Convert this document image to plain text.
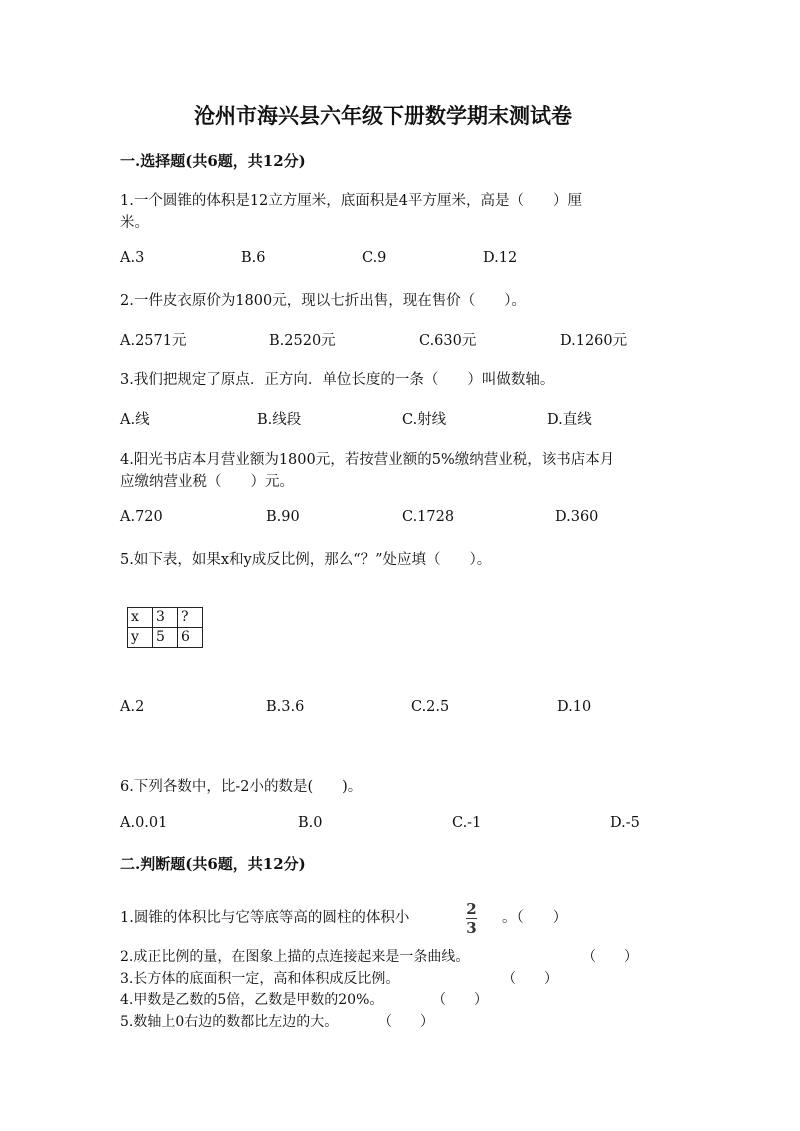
沧州市海兴县六年级下册数学期末测试卷
一.选择题(共6题，共12分)
1.一个圆锥的体积是12立方厘米，底面积是4平方厘米，高是（　　）厘
米。
A.3	B.6	C.9	D.12
2.一件皮衣原价为1800元，现以七折出售，现在售价（　　）。
A.2571元	B.2520元	C.630元	D.1260元
3.我们把规定了原点．正方向．单位长度的一条（　　）叫做数轴。
A.线	B.线段	C.射线	D.直线
4.阳光书店本月营业额为1800元，若按营业额的5%缴纳营业税，该书店本月
应缴纳营业税（　　）元。
A.720	B.90	C.1728	D.360
5.如下表，如果x和y成反比例，那么“？”处应填（　　）。
x	3	?
y	5	6
A.2	B.3.6	C.2.5	D.10
6.下列各数中，比-2小的数是(　　)。
A.0.01	B.0	C.-1	D.-5
二.判断题(共6题，共12分)
1.圆锥的体积比与它等底等高的圆柱的体积小	$\frac{2}{3}$ 。（　　）
2.成正比例的量，在图象上描的点连接起来是一条曲线。	（　　）
3.长方体的底面积一定，高和体积成反比例。	（　　）
4.甲数是乙数的5倍，乙数是甲数的20%。	（　　）
5.数轴上0右边的数都比左边的大。	（　　）
